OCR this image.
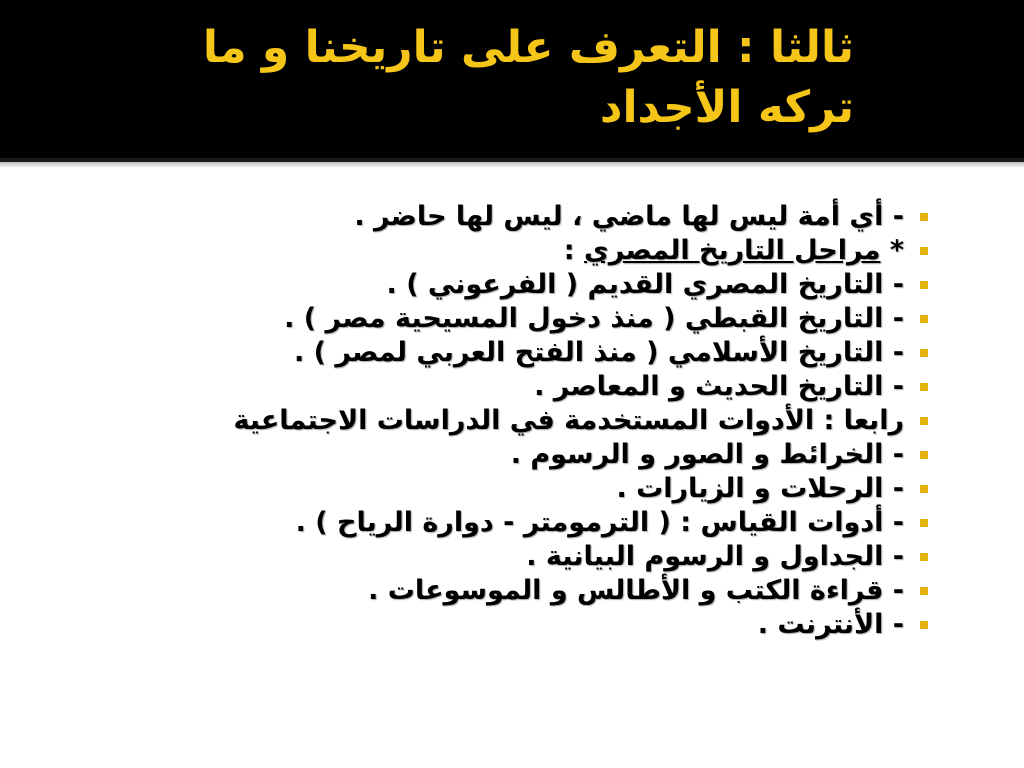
ثالثا : التعرف على تاريخنا و ما
تركه الأجداد
- أي أمة ليس لها ماضي ، ليس لها حاضر .
* مراحل التاريخ المصري :
- التاريخ المصري القديم ( الفرعوني ) .
- التاريخ القبطي ( منذ دخول المسيحية مصر ) .
- التاريخ الأسلامي ( منذ الفتح العربي لمصر ) .
- التاريخ الحديث و المعاصر .
رابعا : الأدوات المستخدمة في الدراسات الاجتماعية
- الخرائط و الصور و الرسوم .
- الرحلات و الزيارات .
- أدوات القياس : ( الترمومتر - دوارة الرياح ) .
- الجداول و الرسوم البيانية .
- قراءة الكتب و الأطالس و الموسوعات .
- الأنترنت .
